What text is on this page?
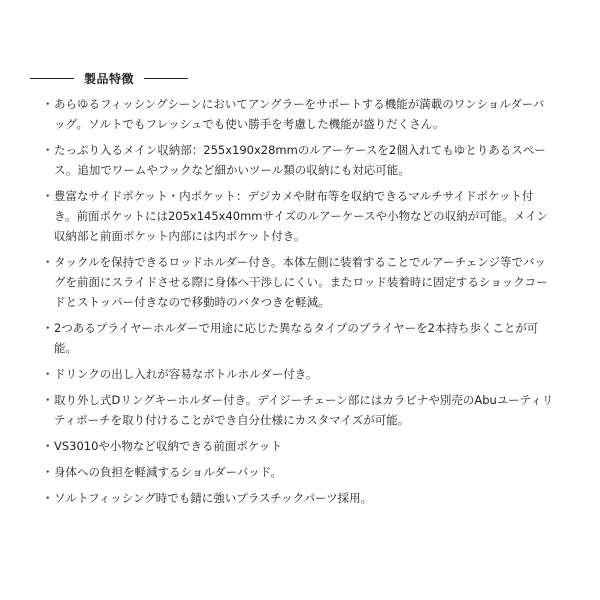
製品特徴
・ あらゆるフィッシングシーンにおいてアングラーをサポートする機能が満載のワンショルダーバッグ。ソルトでもフレッシュでも使い勝手を考慮した機能が盛りだくさん。
・ たっぷり入るメイン収納部：255x190x28mmのルアーケースを2個入れてもゆとりあるスペース。追加でワームやフックなど細かいツール類の収納にも対応可能。
・ 豊富なサイドポケット・内ポケット：デジカメや財布等を収納できるマルチサイドポケット付き。前面ポケットには205x145x40mmサイズのルアーケースや小物などの収納が可能。メイン収納部と前面ポケット内部には内ポケット付き。
・ タックルを保持できるロッドホルダー付き。本体左側に装着することでルアーチェンジ等でバッグを前面にスライドさせる際に身体へ干渉しにくい。またロッド装着時に固定するショックコードとストッパー付きなので移動時のバタつきを軽減。
・ 2つあるプライヤーホルダーで用途に応じた異なるタイプのプライヤーを2本持ち歩くことが可能。
・ ドリンクの出し入れが容易なボトルホルダー付き。
・ 取り外し式Dリングキーホルダー付き。デイジーチェーン部にはカラビナや別売のAbuユーティリティポーチを取り付けることができ自分仕様にカスタマイズが可能。
・ VS3010や小物など収納できる前面ポケット
・ 身体への負担を軽減するショルダーパッド。
・ ソルトフィッシング時でも錆に強いプラスチックパーツ採用。
